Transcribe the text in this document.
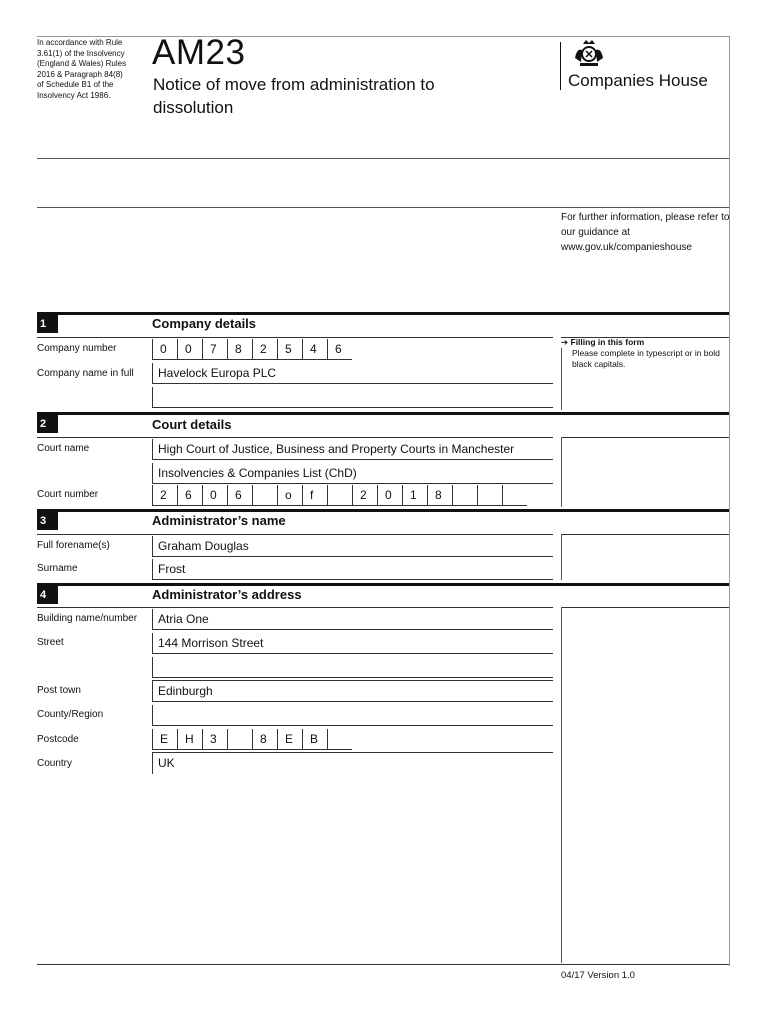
In accordance with Rule 3.61(1) of the Insolvency (England & Wales) Rules 2016 & Paragraph 84(8) of Schedule B1 of the Insolvency Act 1986.
AM23
Notice of move from administration to dissolution
Companies House
For further information, please refer to our guidance at www.gov.uk/companieshouse
1	Company details
➔ Filling in this form
Please complete in typescript or in bold black capitals.
Company number	0	0	7	8	2	5	4	6
Company name in full	Havelock Europa PLC
2	Court details
Court name	High Court of Justice, Business and Property Courts in Manchester
Insolvencies & Companies List (ChD)
Court number	2	6	0	6	o	f	2	0	1	8
3	Administrator’s name
Full forename(s)	Graham Douglas
Surname	Frost
4	Administrator’s address
Building name/number	Atria One
Street	144 Morrison Street
Post town	Edinburgh
County/Region
Postcode	E	H	3	8	E	B
Country	UK
04/17 Version 1.0
